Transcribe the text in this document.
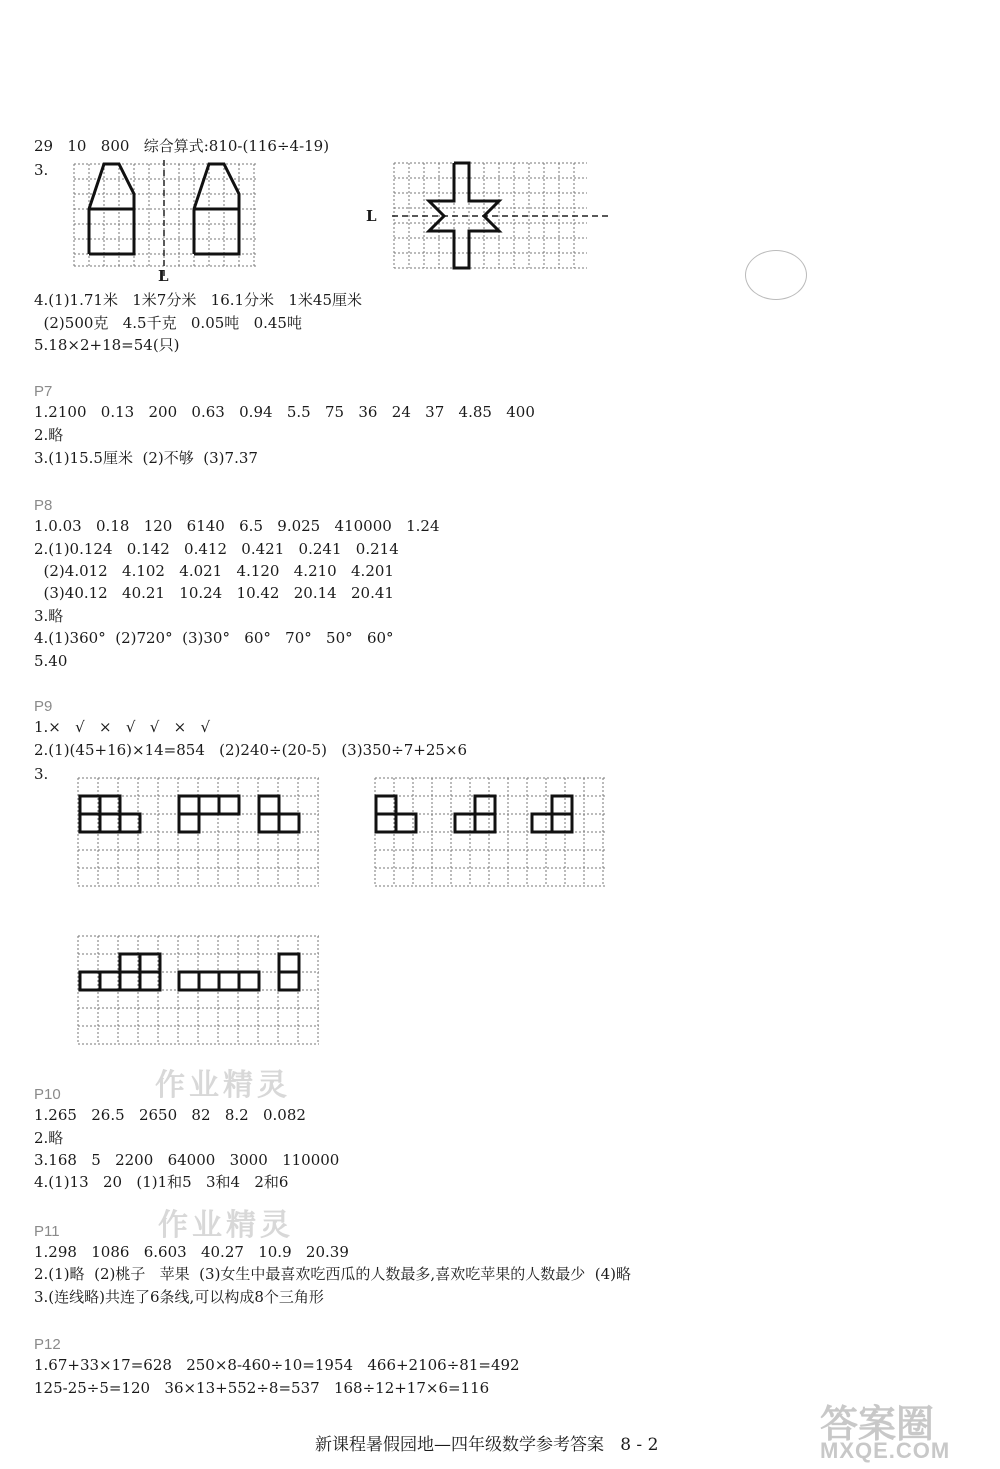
29   10   800   综合算式:810-(116÷4-19)
3.
L
L
4.(1)1.71米   1米7分米   16.1分米   1米45厘米
(2)500克   4.5千克   0.05吨   0.45吨
5.18×2+18=54(只)
P7
1.2100   0.13   200   0.63   0.94   5.5   75   36   24   37   4.85   400
2.略
3.(1)15.5厘米  (2)不够  (3)7.37
P8
1.0.03   0.18   120   6140   6.5   9.025   410000   1.24
2.(1)0.124   0.142   0.412   0.421   0.241   0.214
(2)4.012   4.102   4.021   4.120   4.210   4.201
(3)40.12   40.21   10.24   10.42   20.14   20.41
3.略
4.(1)360°  (2)720°  (3)30°   60°   70°   50°   60°
5.40
P9
1.×   √   ×   √   √   ×   √
2.(1)(45+16)×14=854   (2)240÷(20-5)   (3)350÷7+25×6
3.
作业精灵
P10
1.265   26.5   2650   82   8.2   0.082
2.略
3.168   5   2200   64000   3000   110000
4.(1)13   20   (1)1和5   3和4   2和6
作业精灵
P11
1.298   1086   6.603   40.27   10.9   20.39
2.(1)略  (2)桃子   苹果  (3)女生中最喜欢吃西瓜的人数最多,喜欢吃苹果的人数最少  (4)略
3.(连线略)共连了6条线,可以构成8个三角形
P12
1.67+33×17=628   250×8-460÷10=1954   466+2106÷81=492
125-25÷5=120   36×13+552÷8=537   168÷12+17×6=116
新课程暑假园地—四年级数学参考答案   8 - 2	答案圈
MXQE.COM
